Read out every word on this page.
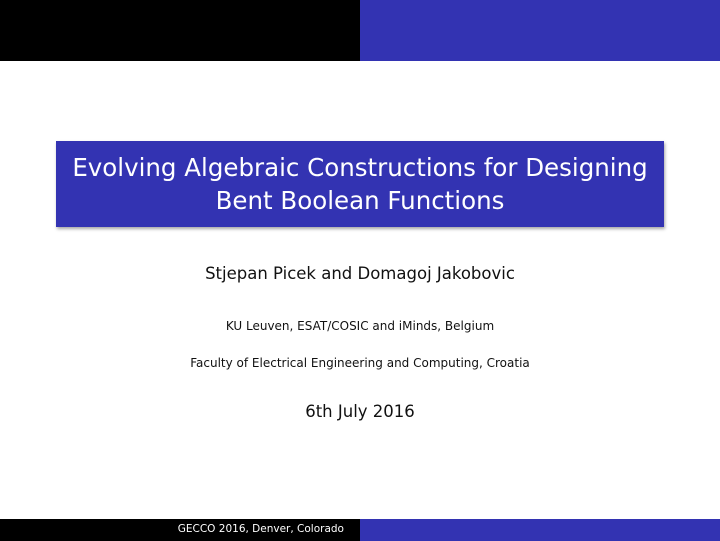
Evolving Algebraic Constructions for Designing
Bent Boolean Functions
Stjepan Picek and Domagoj Jakobovic
KU Leuven, ESAT/COSIC and iMinds, Belgium
Faculty of Electrical Engineering and Computing, Croatia
6th July 2016
GECCO 2016, Denver, Colorado
